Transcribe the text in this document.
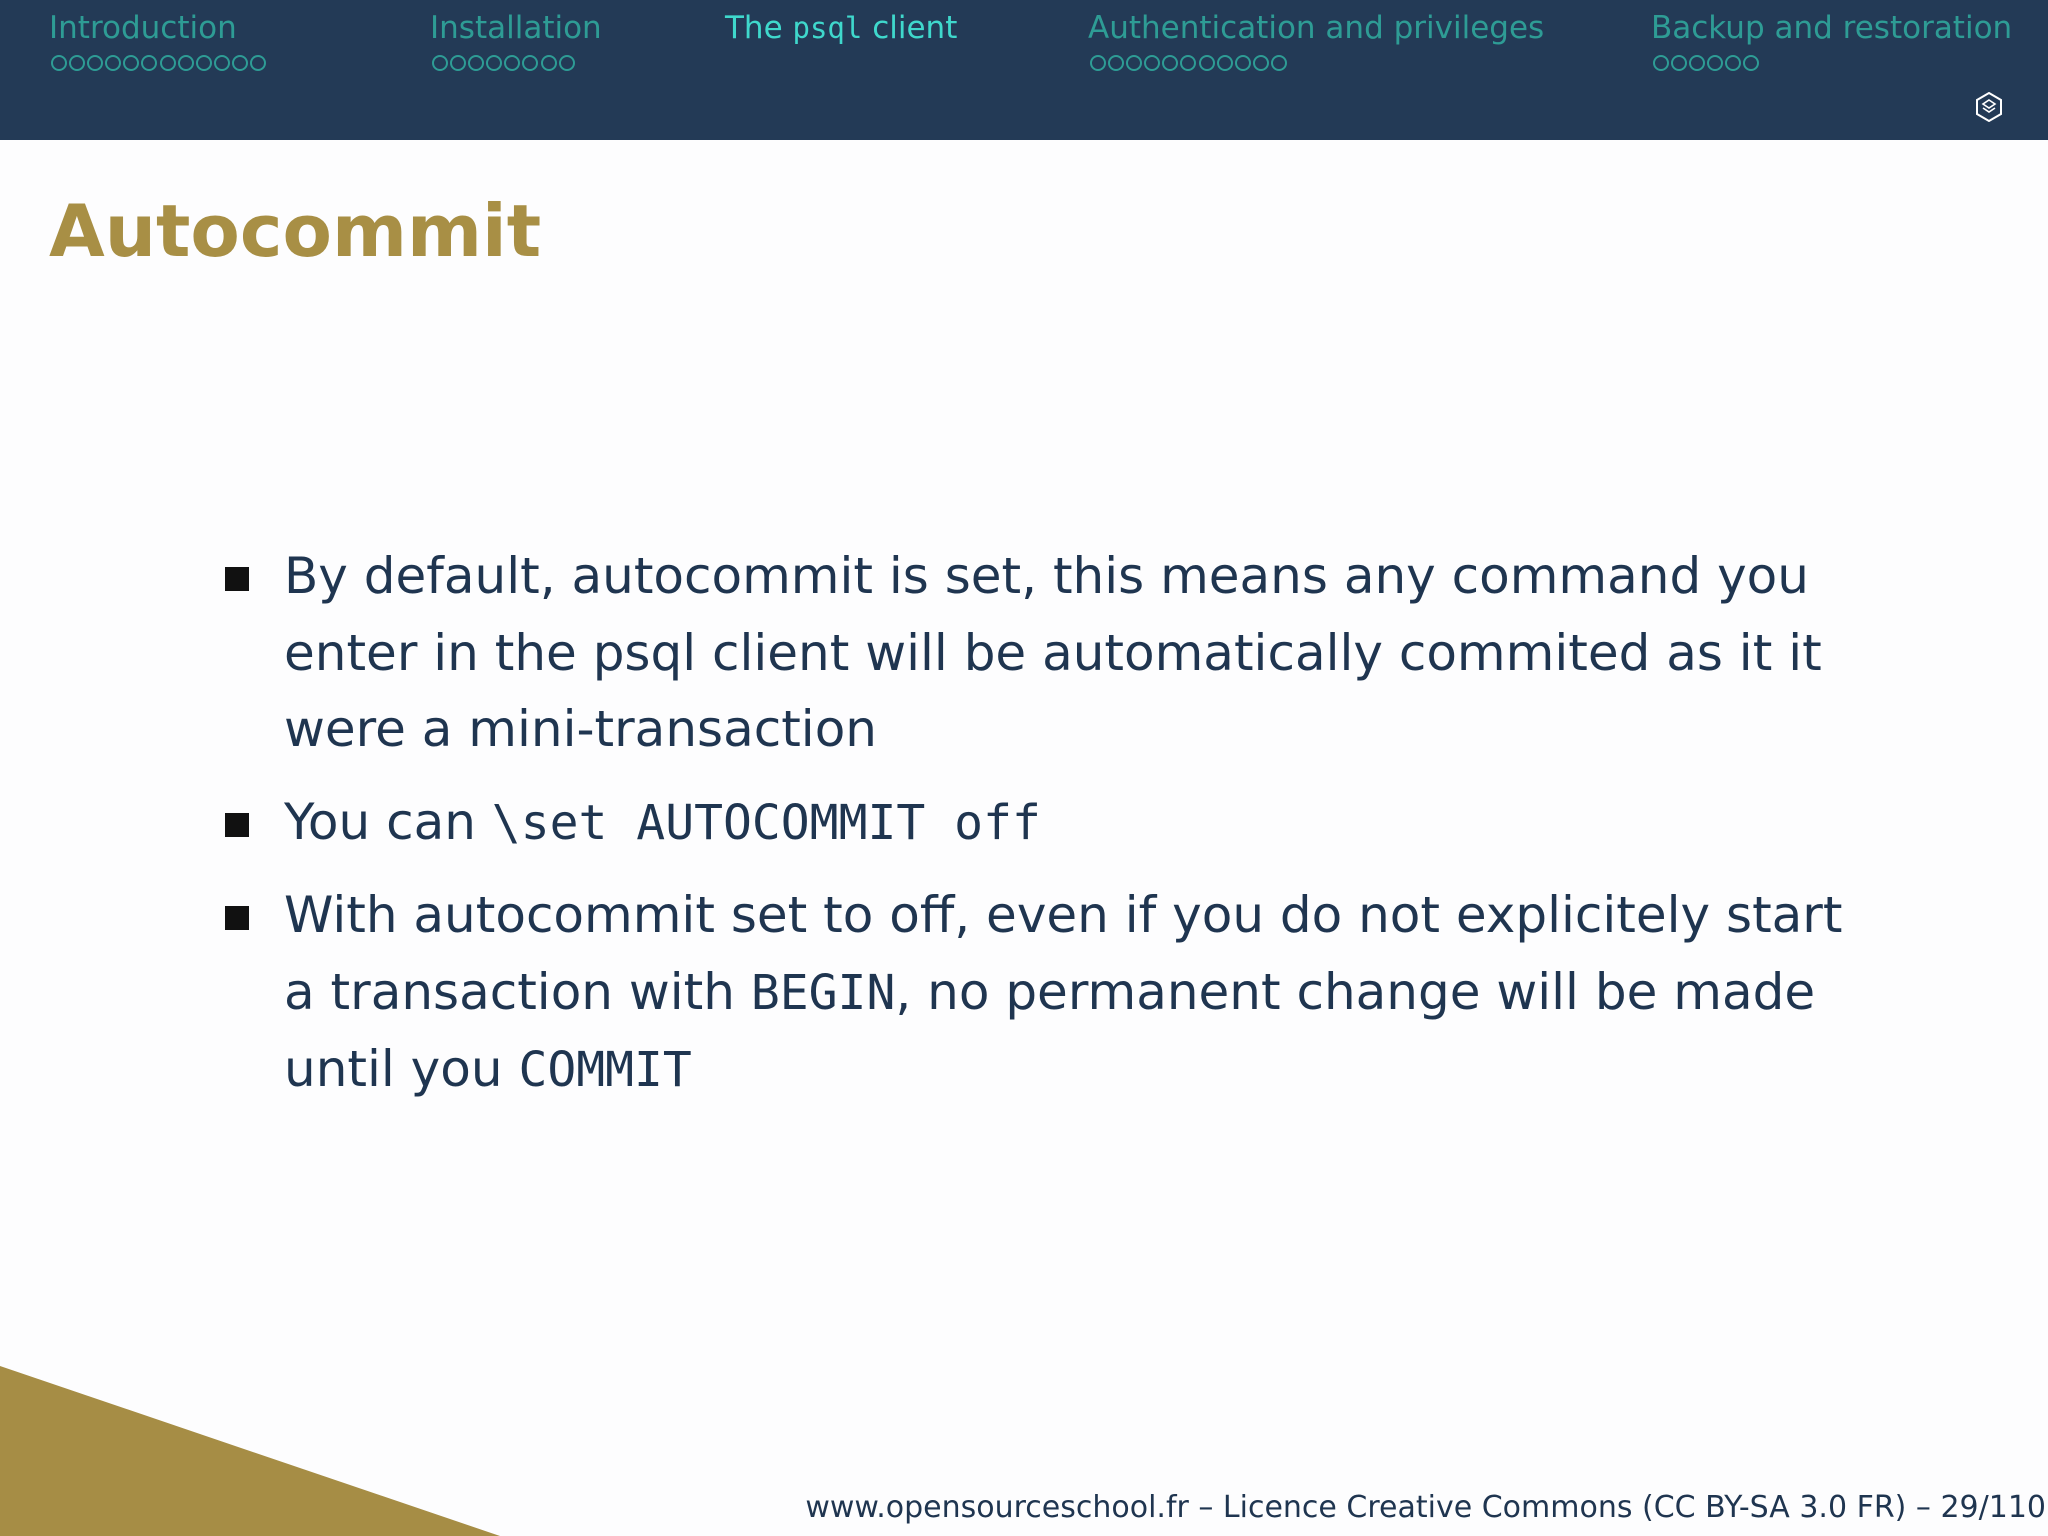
Introduction	Installation	The psql client	Authentication and privileges	Backup and restoration
Autocommit
By default, autocommit is set, this means any command you enter in the psql client will be automatically commited as it it were a mini-transaction
You can \set AUTOCOMMIT off
With autocommit set to off, even if you do not explicitely start a transaction with BEGIN, no permanent change will be made until you COMMIT
www.opensourceschool.fr – Licence Creative Commons (CC BY-SA 3.0 FR) – 29/110
